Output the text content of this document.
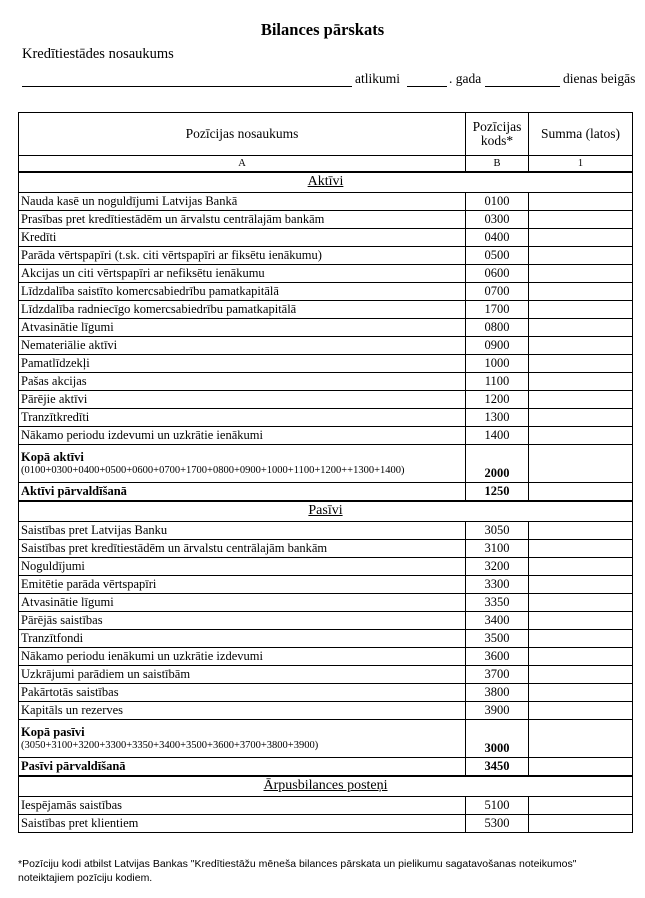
Bilances pārskats
Kredītiestādes nosaukums
atlikumi	. gada	dienas beigās
Pozīcijas nosaukums	Pozīcijas kods*	Summa (latos)
A	B	1
Aktīvi		
Nauda kasē un noguldījumi Latvijas Bankā	0100	
Prasības pret kredītiestādēm un ārvalstu centrālajām bankām	0300	
Kredīti	0400	
Parāda vērtspapīri (t.sk. citi vērtspapīri ar fiksētu ienākumu)	0500	
Akcijas un citi vērtspapīri ar nefiksētu ienākumu	0600	
Līdzdalība saistīto komercsabiedrību pamatkapitālā	0700	
Līdzdalība radniecīgo komercsabiedrību pamatkapitālā	1700	
Atvasinātie līgumi	0800	
Nemateriālie aktīvi	0900	
Pamatlīdzekļi	1000	
Pašas akcijas	1100	
Pārējie aktīvi	1200	
Tranzītkredīti	1300	
Nākamo periodu izdevumi un uzkrātie ienākumi	1400	

Kopā aktīvi
(0100+0300+0400+0500+0600+0700+1700+0800+0900+1000+1100+1200++1300+1400)	2000	
Aktīvi pārvaldīšanā	1250	
Pasīvi		
Saistības pret Latvijas Banku	3050	
Saistības pret kredītiestādēm un ārvalstu centrālajām bankām	3100	
Noguldījumi	3200	
Emitētie parāda vērtspapīri	3300	
Atvasinātie līgumi	3350	
Pārējās saistības	3400	
Tranzītfondi	3500	
Nākamo periodu ienākumi un uzkrātie izdevumi	3600	
Uzkrājumi parādiem un saistībām	3700	
Pakārtotās saistības	3800	
Kapitāls un rezerves	3900	

Kopā pasīvi
(3050+3100+3200+3300+3350+3400+3500+3600+3700+3800+3900)	3000	
Pasīvi pārvaldīšanā	3450	
Ārpusbilances posteņi		
Iespējamās saistības	5100	
Saistības pret klientiem	5300	
*Pozīciju kodi atbilst Latvijas Bankas "Kredītiestāžu mēneša bilances pārskata un pielikumu sagatavošanas noteikumos" noteiktajiem pozīciju kodiem.
